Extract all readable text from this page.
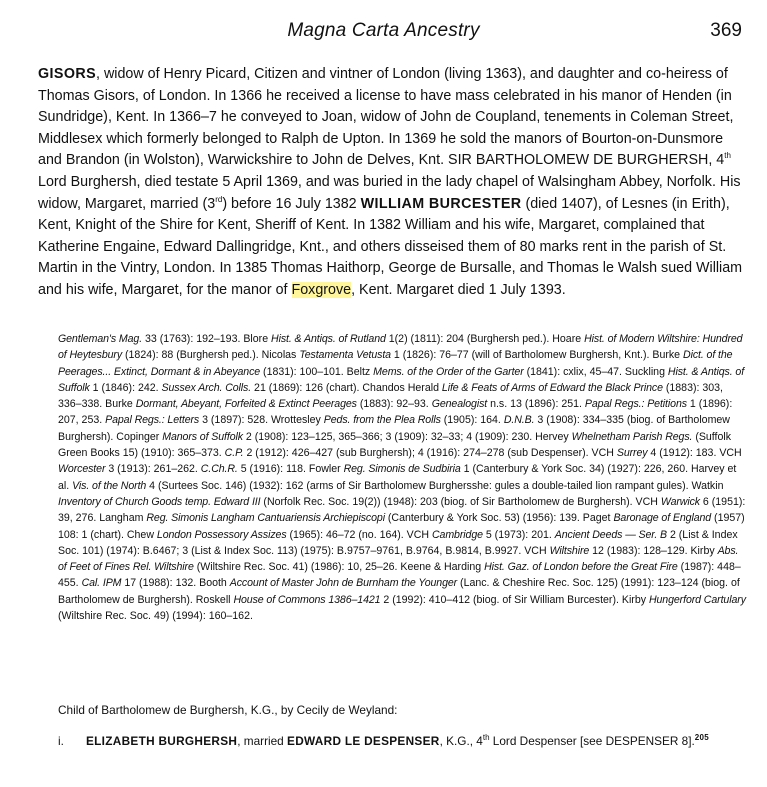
Magna Carta Ancestry	369

GISORS, widow of Henry Picard, Citizen and vintner of London (living 1363), and daughter and co-heiress of Thomas Gisors, of London. In 1366 he received a license to have mass celebrated in his manor of Henden (in Sundridge), Kent. In 1366–7 he conveyed to Joan, widow of John de Coupland, tenements in Coleman Street, Middlesex which formerly belonged to Ralph de Upton. In 1369 he sold the manors of Bourton-on-Dunsmore and Brandon (in Wolston), Warwickshire to John de Delves, Knt. SIR BARTHOLOMEW DE BURGHERSH, 4th Lord Burghersh, died testate 5 April 1369, and was buried in the lady chapel of Walsingham Abbey, Norfolk. His widow, Margaret, married (3rd) before 16 July 1382 WILLIAM BURCESTER (died 1407), of Lesnes (in Erith), Kent, Knight of the Shire for Kent, Sheriff of Kent. In 1382 William and his wife, Margaret, complained that Katherine Engaine, Edward Dallingridge, Knt., and others disseised them of 80 marks rent in the parish of St. Martin in the Vintry, London. In 1385 Thomas Haithorp, George de Bursalle, and Thomas le Walsh sued William and his wife, Margaret, for the manor of Foxgrove, Kent. Margaret died 1 July 1393.

Gentleman's Mag. 33 (1763): 192–193. Blore Hist. & Antiqs. of Rutland 1(2) (1811): 204 (Burghersh ped.). Hoare Hist. of Modern Wiltshire: Hundred of Heytesbury (1824): 88 (Burghersh ped.). Nicolas Testamenta Vetusta 1 (1826): 76–77 (will of Bartholomew Burghersh, Knt.). Burke Dict. of the Peerages... Extinct, Dormant & in Abeyance (1831): 100–101. Beltz Mems. of the Order of the Garter (1841): cxlix, 45–47. Suckling Hist. & Antiqs. of Suffolk 1 (1846): 242. Sussex Arch. Colls. 21 (1869): 126 (chart). Chandos Herald Life & Feats of Arms of Edward the Black Prince (1883): 303, 336–338. Burke Dormant, Abeyant, Forfeited & Extinct Peerages (1883): 92–93. Genealogist n.s. 13 (1896): 251. Papal Regs.: Petitions 1 (1896): 207, 253. Papal Regs.: Letters 3 (1897): 528. Wrottesley Peds. from the Plea Rolls (1905): 164. D.N.B. 3 (1908): 334–335 (biog. of Bartholomew Burghersh). Copinger Manors of Suffolk 2 (1908): 123–125, 365–366; 3 (1909): 32–33; 4 (1909): 230. Hervey Whelnetham Parish Regs. (Suffolk Green Books 15) (1910): 365–373. C.P. 2 (1912): 426–427 (sub Burghersh); 4 (1916): 274–278 (sub Despenser). VCH Surrey 4 (1912): 183. VCH Worcester 3 (1913): 261–262. C.Ch.R. 5 (1916): 118. Fowler Reg. Simonis de Sudbiria 1 (Canterbury & York Soc. 34) (1927): 226, 260. Harvey et al. Vis. of the North 4 (Surtees Soc. 146) (1932): 162 (arms of Sir Bartholomew Burghersshe: gules a double-tailed lion rampant gules). Watkin Inventory of Church Goods temp. Edward III (Norfolk Rec. Soc. 19(2)) (1948): 203 (biog. of Sir Bartholomew de Burghersh). VCH Warwick 6 (1951): 39, 276. Langham Reg. Simonis Langham Cantuariensis Archiepiscopi (Canterbury & York Soc. 53) (1956): 139. Paget Baronage of England (1957) 108: 1 (chart). Chew London Possessory Assizes (1965): 46–72 (no. 164). VCH Cambridge 5 (1973): 201. Ancient Deeds — Ser. B 2 (List & Index Soc. 101) (1974): B.6467; 3 (List & Index Soc. 113) (1975): B.9757–9761, B.9764, B.9814, B.9927. VCH Wiltshire 12 (1983): 128–129. Kirby Abs. of Feet of Fines Rel. Wiltshire (Wiltshire Rec. Soc. 41) (1986): 10, 25–26. Keene & Harding Hist. Gaz. of London before the Great Fire (1987): 448–455. Cal. IPM 17 (1988): 132. Booth Account of Master John de Burnham the Younger (Lanc. & Cheshire Rec. Soc. 125) (1991): 123–124 (biog. of Bartholomew de Burghersh). Roskell House of Commons 1386–1421 2 (1992): 410–412 (biog. of Sir William Burcester). Kirby Hungerford Cartulary (Wiltshire Rec. Soc. 49) (1994): 160–162.

Child of Bartholomew de Burghersh, K.G., by Cecily de Weyland:

i. ELIZABETH BURGHERSH, married EDWARD LE DESPENSER, K.G., 4th Lord Despenser [see DESPENSER 8].$^{205}$
